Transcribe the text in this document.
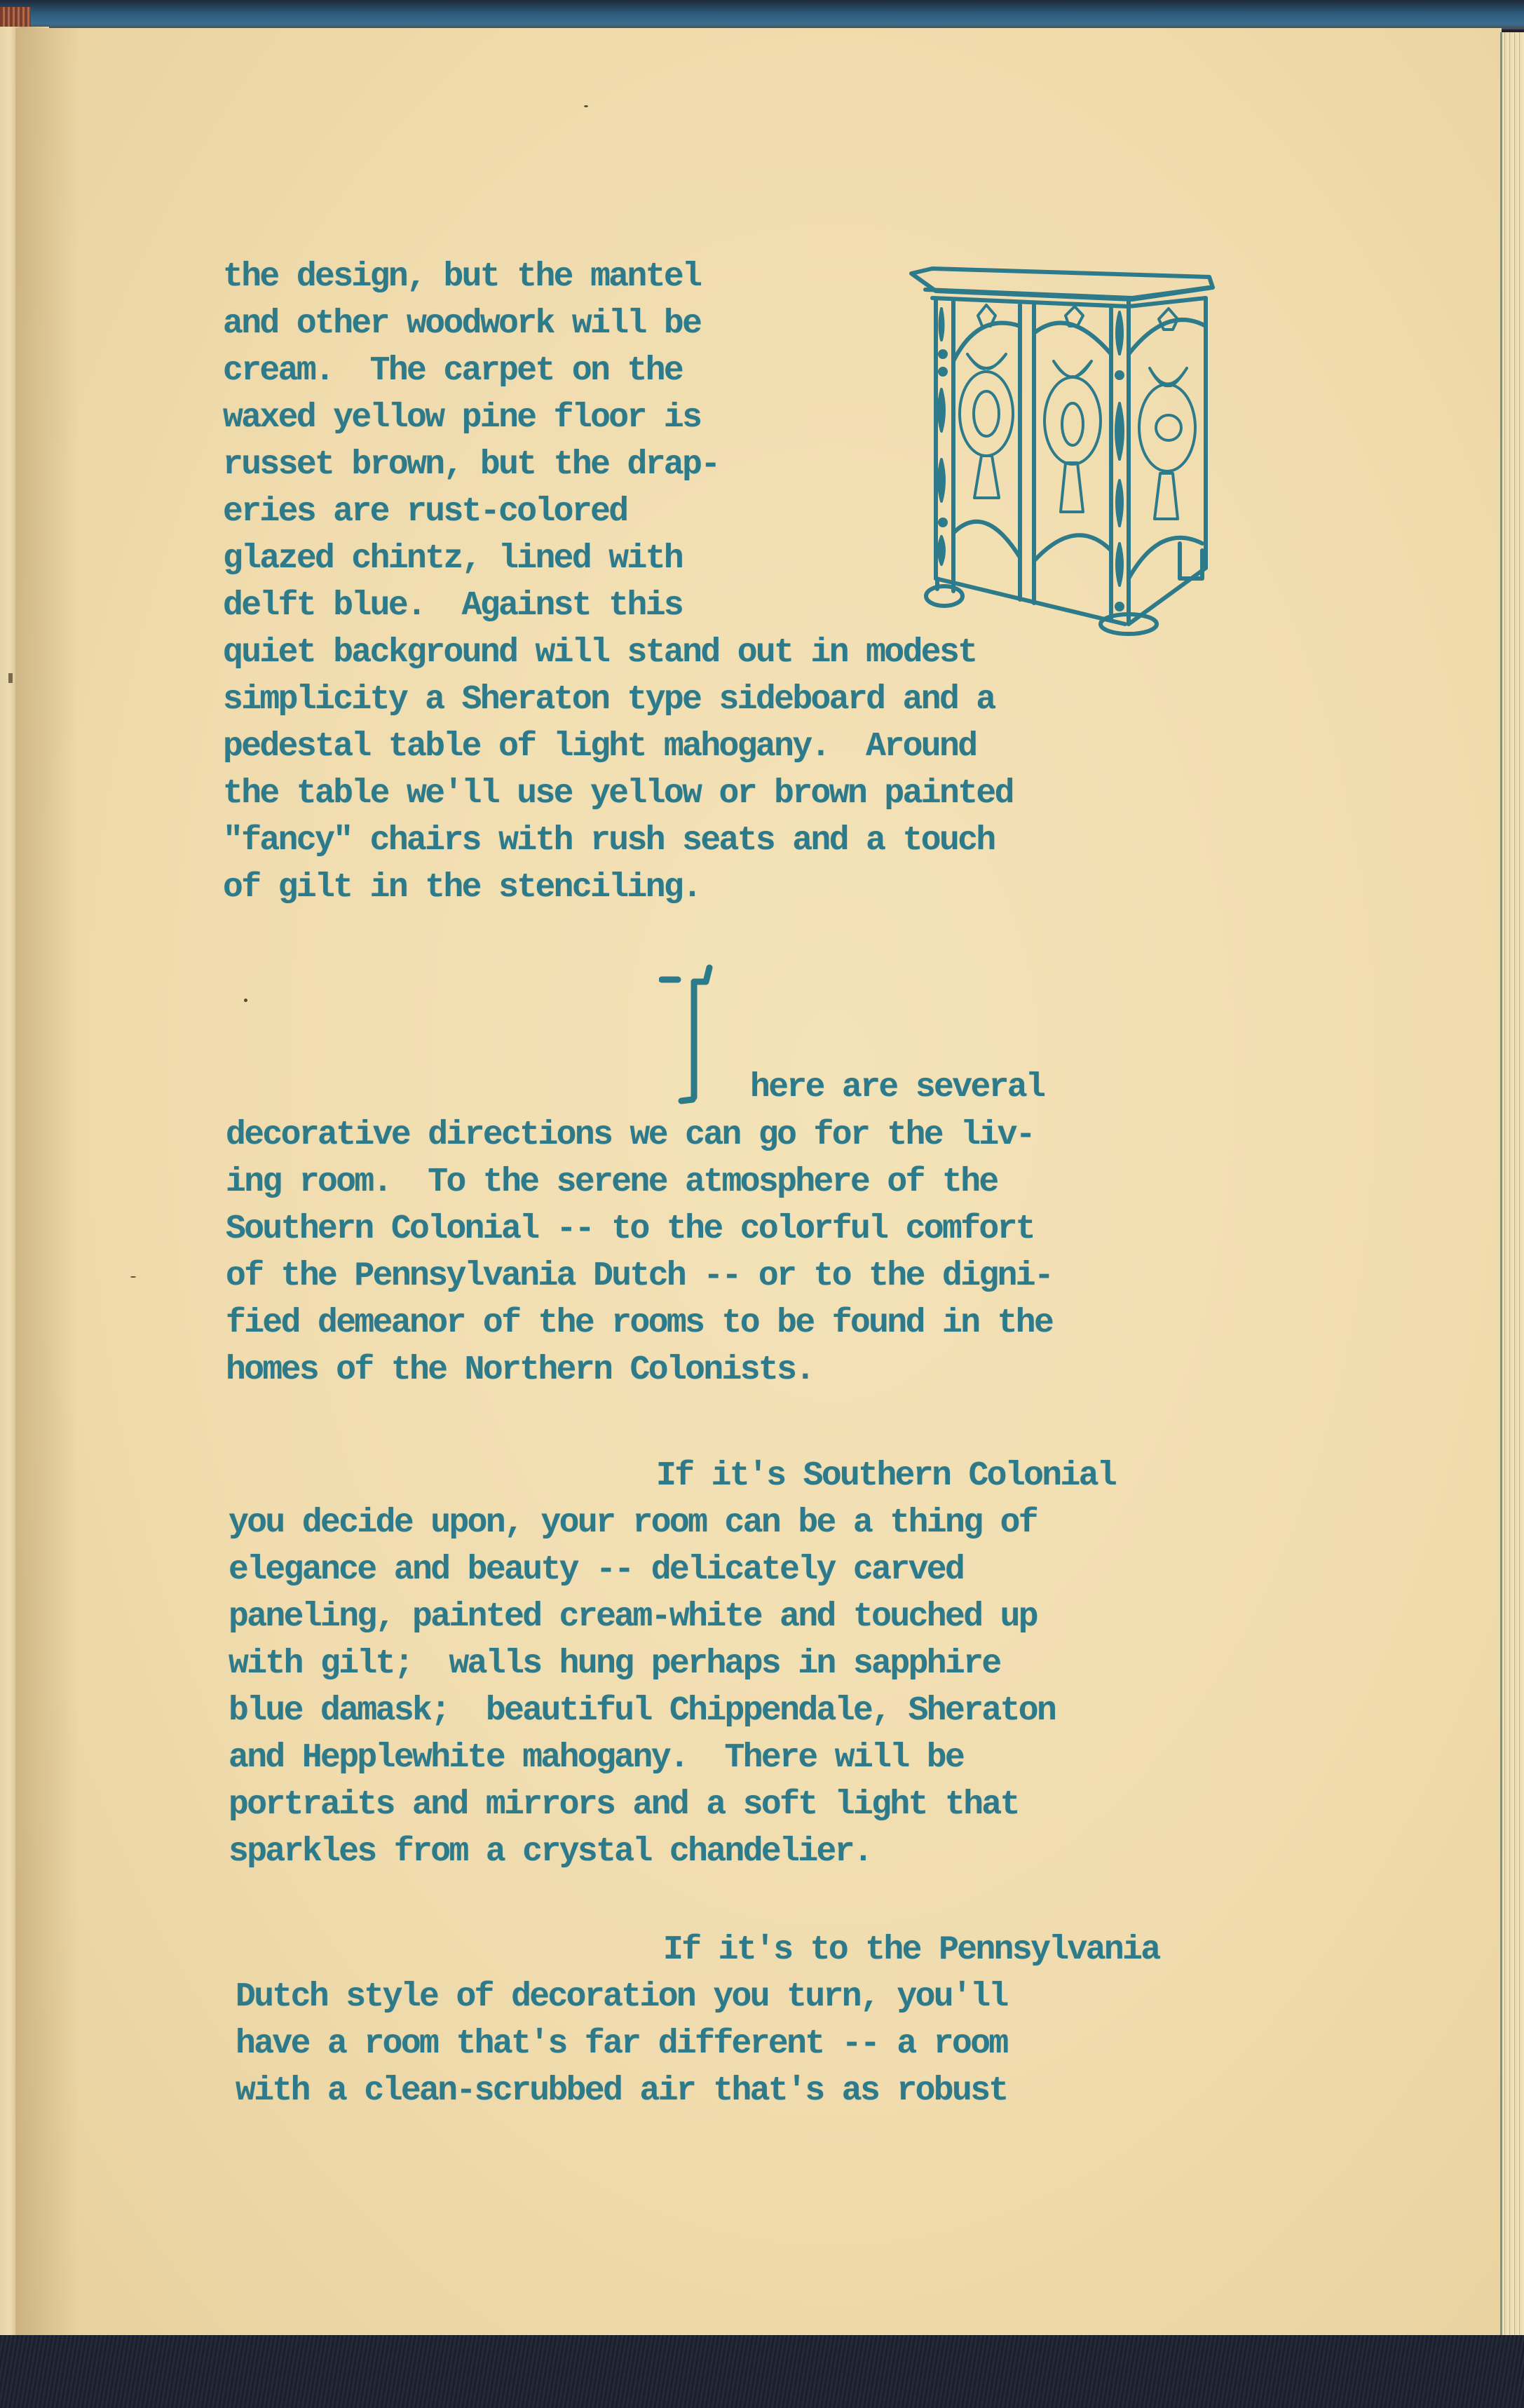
the design, but the mantel
and other woodwork will be
cream.  The carpet on the
waxed yellow pine floor is
russet brown, but the drap-
eries are rust-colored
glazed chintz, lined with
delft blue.  Against this
quiet background will stand out in modest
simplicity a Sheraton type sideboard and a
pedestal table of light mahogany.  Around
the table we'll use yellow or brown painted
"fancy" chairs with rush seats and a touch
of gilt in the stenciling.
here are several
decorative directions we can go for the liv-
ing room.  To the serene atmosphere of the
Southern Colonial -- to the colorful comfort
of the Pennsylvania Dutch -- or to the digni-
fied demeanor of the rooms to be found in the
homes of the Northern Colonists.
If it's Southern Colonial
you decide upon, your room can be a thing of
elegance and beauty -- delicately carved
paneling, painted cream-white and touched up
with gilt;  walls hung perhaps in sapphire
blue damask;  beautiful Chippendale, Sheraton
and Hepplewhite mahogany.  There will be
portraits and mirrors and a soft light that
sparkles from a crystal chandelier.
If it's to the Pennsylvania
Dutch style of decoration you turn, you'll
have a room that's far different -- a room
with a clean-scrubbed air that's as robust
